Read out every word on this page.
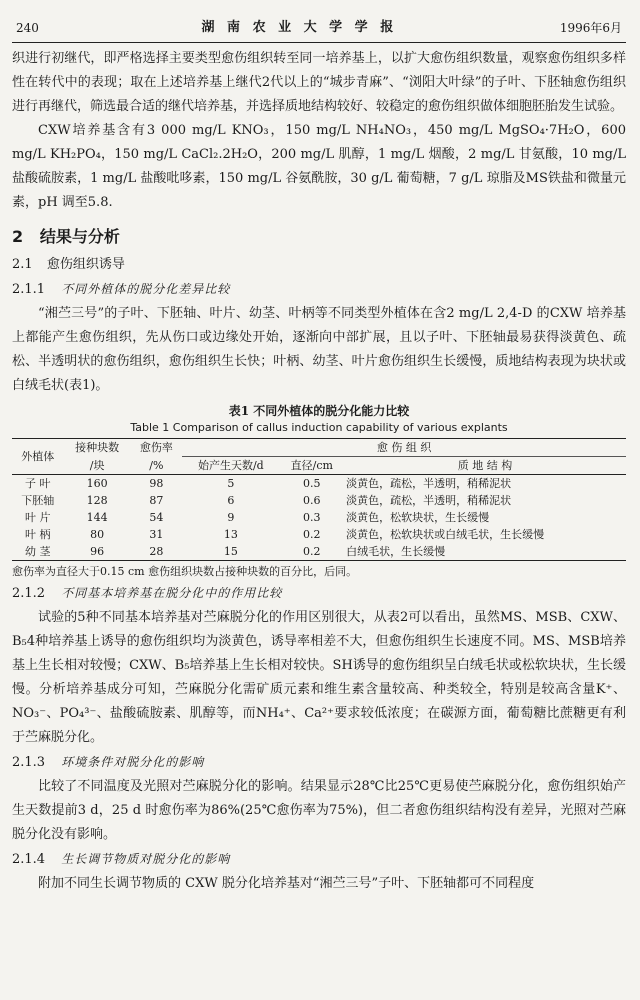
240	湖 南 农 业 大 学 学 报	1996年6月

织进行初继代，即严格选择主要类型愈伤组织转至同一培养基上，以扩大愈伤组织数量，观察愈伤组织多样性在转代中的表现；取在上述培养基上继代2代以上的“城步青麻”、“浏阳大叶绿”的子叶、下胚轴愈伤组织进行再继代，筛选最合适的继代培养基，并选择质地结构较好、较稳定的愈伤组织做体细胞胚胎发生试验。

CXW培养基含有3 000 mg/L KNO₃，150 mg/L NH₄NO₃，450 mg/L MgSO₄·7H₂O，600 mg/L KH₂PO₄，150 mg/L CaCl₂.2H₂O，200 mg/L 肌醇，1 mg/L 烟酸，2 mg/L 甘氨酸，10 mg/L 盐酸硫胺素，1 mg/L 盐酸吡哆素，150 mg/L 谷氨酰胺，30 g/L 葡萄糖，7 g/L 琼脂及MS铁盐和微量元素，pH 调至5.8.

2 结果与分析
2.1 愈伤组织诱导
2.1.1 不同外植体的脱分化差异比较

“湘苎三号”的子叶、下胚轴、叶片、幼茎、叶柄等不同类型外植体在含2 mg/L 2,4-D 的CXW 培养基上都能产生愈伤组织，先从伤口或边缘处开始，逐渐向中部扩展，且以子叶、下胚轴最易获得淡黄色、疏松、半透明状的愈伤组织，愈伤组织生长快；叶柄、幼茎、叶片愈伤组织生长缓慢，质地结构表现为块状或白绒毛状(表1)。

表1 不同外植体的脱分化能力比较
Table 1 Comparison of callus induction capability of various explants
外植体	接种块数	愈伤率	愈 伤 组 织		
	/块	/%	始产生天数/d	直径/cm	质 地 结 构
子 叶	160	98	5	0.5	淡黄色，疏松，半透明，稍稀泥状
下胚轴	128	87	6	0.6	淡黄色，疏松，半透明，稍稀泥状
叶 片	144	54	9	0.3	淡黄色，松软块状，生长缓慢
叶 柄	80	31	13	0.2	淡黄色，松软块状或白绒毛状，生长缓慢
幼 茎	96	28	15	0.2	白绒毛状，生长缓慢
愈伤率为直径大于0.15 cm 愈伤组织块数占接种块数的百分比，后同。
2.1.2 不同基本培养基在脱分化中的作用比较

试验的5种不同基本培养基对苎麻脱分化的作用区别很大，从表2可以看出，虽然MS、MSB、CXW、B₅4种培养基上诱导的愈伤组织均为淡黄色，诱导率相差不大，但愈伤组织生长速度不同。MS、MSB培养基上生长相对较慢；CXW、B₅培养基上生长相对较快。SH诱导的愈伤组织呈白绒毛状或松软块状，生长缓慢。分析培养基成分可知，苎麻脱分化需矿质元素和维生素含量较高、种类较全，特别是较高含量K⁺、NO₃⁻、PO₄³⁻、盐酸硫胺素、肌醇等，而NH₄⁺、Ca²⁺要求较低浓度；在碳源方面，葡萄糖比蔗糖更有利于苎麻脱分化。

2.1.3 环境条件对脱分化的影响

比较了不同温度及光照对苎麻脱分化的影响。结果显示28℃比25℃更易使苎麻脱分化，愈伤组织始产生天数提前3 d，25 d 时愈伤率为86%(25℃愈伤率为75%)，但二者愈伤组织结构没有差异，光照对苎麻脱分化没有影响。

2.1.4 生长调节物质对脱分化的影响

附加不同生长调节物质的 CXW 脱分化培养基对“湘苎三号”子叶、下胚轴都可不同程度
